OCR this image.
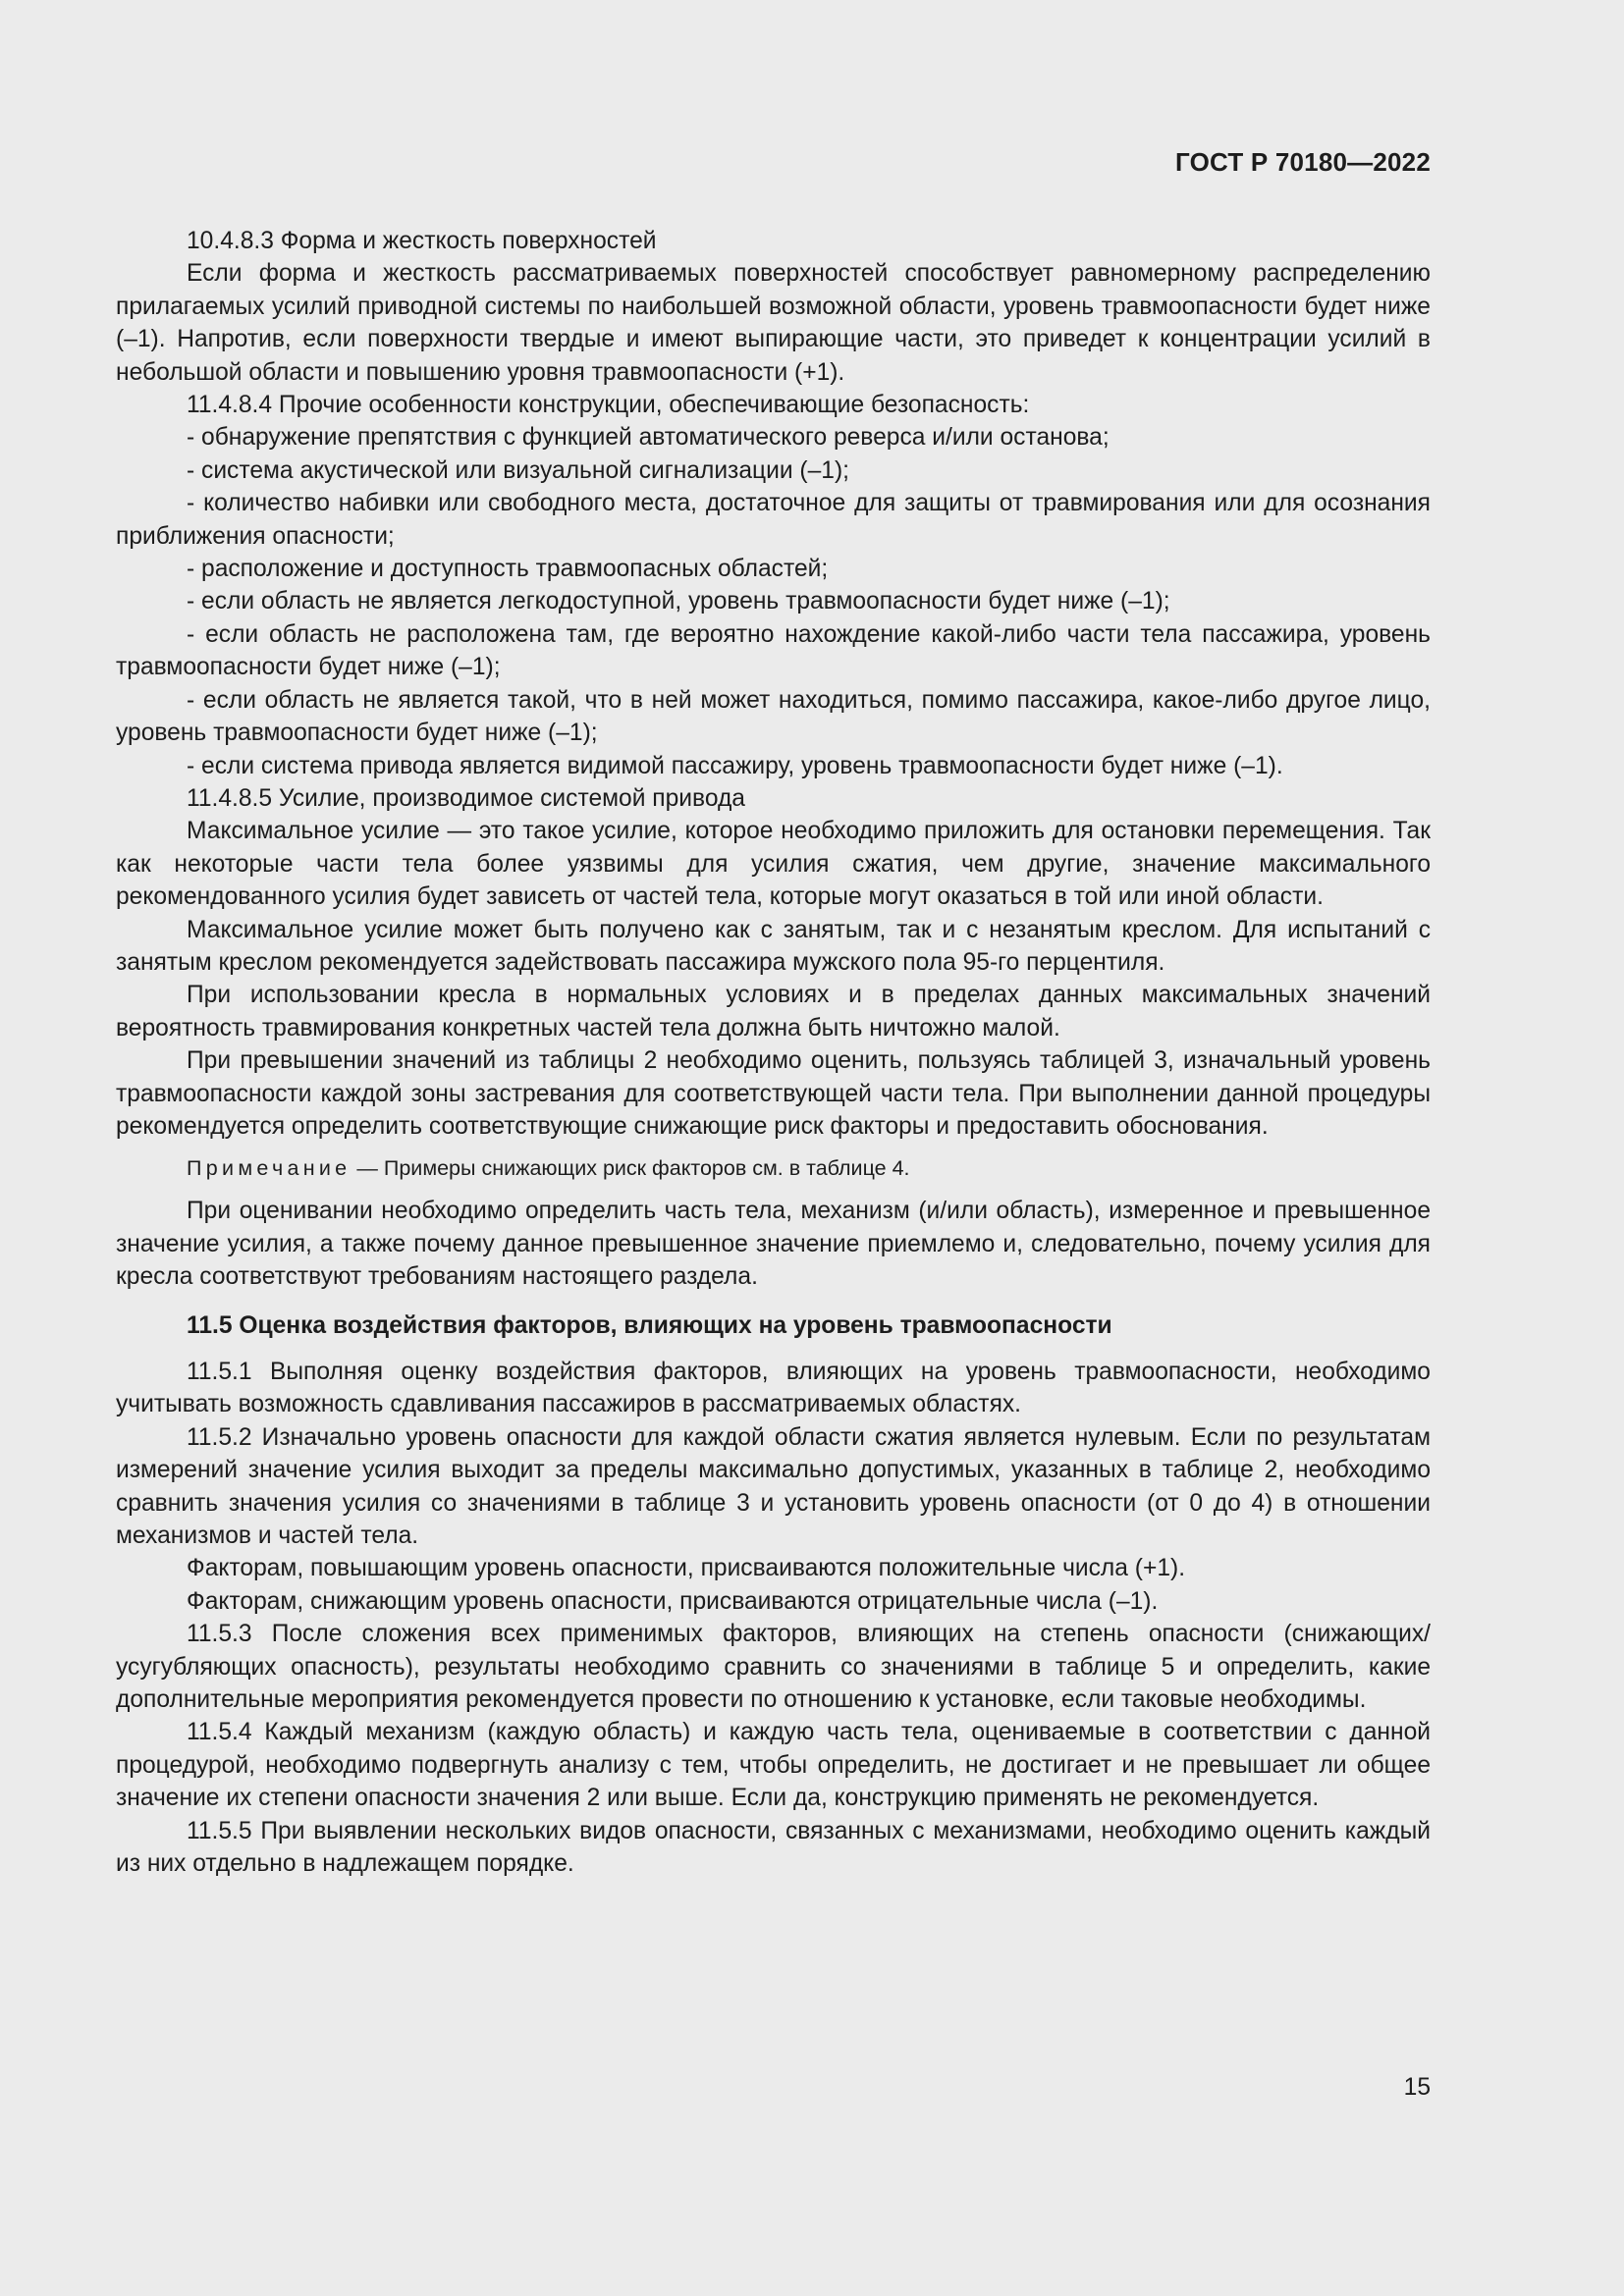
ГОСТ Р 70180—2022

10.4.8.3 Форма и жесткость поверхностей

Если форма и жесткость рассматриваемых поверхностей способствует равномерному распределению прилагаемых усилий приводной системы по наибольшей возможной области, уровень травмоопасности будет ниже (–1). Напротив, если поверхности твердые и имеют выпирающие части, это приведет к концентрации усилий в небольшой области и повышению уровня травмоопасности (+1).

11.4.8.4 Прочие особенности конструкции, обеспечивающие безопасность:

- обнаружение препятствия с функцией автоматического реверса и/или останова;

- система акустической или визуальной сигнализации (–1);

- количество набивки или свободного места, достаточное для защиты от травмирования или для осознания приближения опасности;

- расположение и доступность травмоопасных областей;

- если область не является легкодоступной, уровень травмоопасности будет ниже (–1);

- если область не расположена там, где вероятно нахождение какой-либо части тела пассажира, уровень травмоопасности будет ниже (–1);

- если область не является такой, что в ней может находиться, помимо пассажира, какое-либо другое лицо, уровень травмоопасности будет ниже (–1);

- если система привода является видимой пассажиру, уровень травмоопасности будет ниже (–1).

11.4.8.5 Усилие, производимое системой привода

Максимальное усилие — это такое усилие, которое необходимо приложить для остановки перемещения. Так как некоторые части тела более уязвимы для усилия сжатия, чем другие, значение максимального рекомендованного усилия будет зависеть от частей тела, которые могут оказаться в той или иной области.

Максимальное усилие может быть получено как с занятым, так и с незанятым креслом. Для испытаний с занятым креслом рекомендуется задействовать пассажира мужского пола 95-го перцентиля.

При использовании кресла в нормальных условиях и в пределах данных максимальных значений вероятность травмирования конкретных частей тела должна быть ничтожно малой.

При превышении значений из таблицы 2 необходимо оценить, пользуясь таблицей 3, изначальный уровень травмоопасности каждой зоны застревания для соответствующей части тела. При выполнении данной процедуры рекомендуется определить соответствующие снижающие риск факторы и предоставить обоснования.

Примечание — Примеры снижающих риск факторов см. в таблице 4.

При оценивании необходимо определить часть тела, механизм (и/или область), измеренное и превышенное значение усилия, а также почему данное превышенное значение приемлемо и, следовательно, почему усилия для кресла соответствуют требованиям настоящего раздела.

11.5 Оценка воздействия факторов, влияющих на уровень травмоопасности

11.5.1 Выполняя оценку воздействия факторов, влияющих на уровень травмоопасности, необходимо учитывать возможность сдавливания пассажиров в рассматриваемых областях.

11.5.2 Изначально уровень опасности для каждой области сжатия является нулевым. Если по результатам измерений значение усилия выходит за пределы максимально допустимых, указанных в таблице 2, необходимо сравнить значения усилия со значениями в таблице 3 и установить уровень опасности (от 0 до 4) в отношении механизмов и частей тела.

Факторам, повышающим уровень опасности, присваиваются положительные числа (+1).

Факторам, снижающим уровень опасности, присваиваются отрицательные числа (–1).

11.5.3 После сложения всех применимых факторов, влияющих на степень опасности (снижающих/усугубляющих опасность), результаты необходимо сравнить со значениями в таблице 5 и определить, какие дополнительные мероприятия рекомендуется провести по отношению к установке, если таковые необходимы.

11.5.4 Каждый механизм (каждую область) и каждую часть тела, оцениваемые в соответствии с данной процедурой, необходимо подвергнуть анализу с тем, чтобы определить, не достигает и не превышает ли общее значение их степени опасности значения 2 или выше. Если да, конструкцию применять не рекомендуется.

11.5.5 При выявлении нескольких видов опасности, связанных с механизмами, необходимо оценить каждый из них отдельно в надлежащем порядке.

15
